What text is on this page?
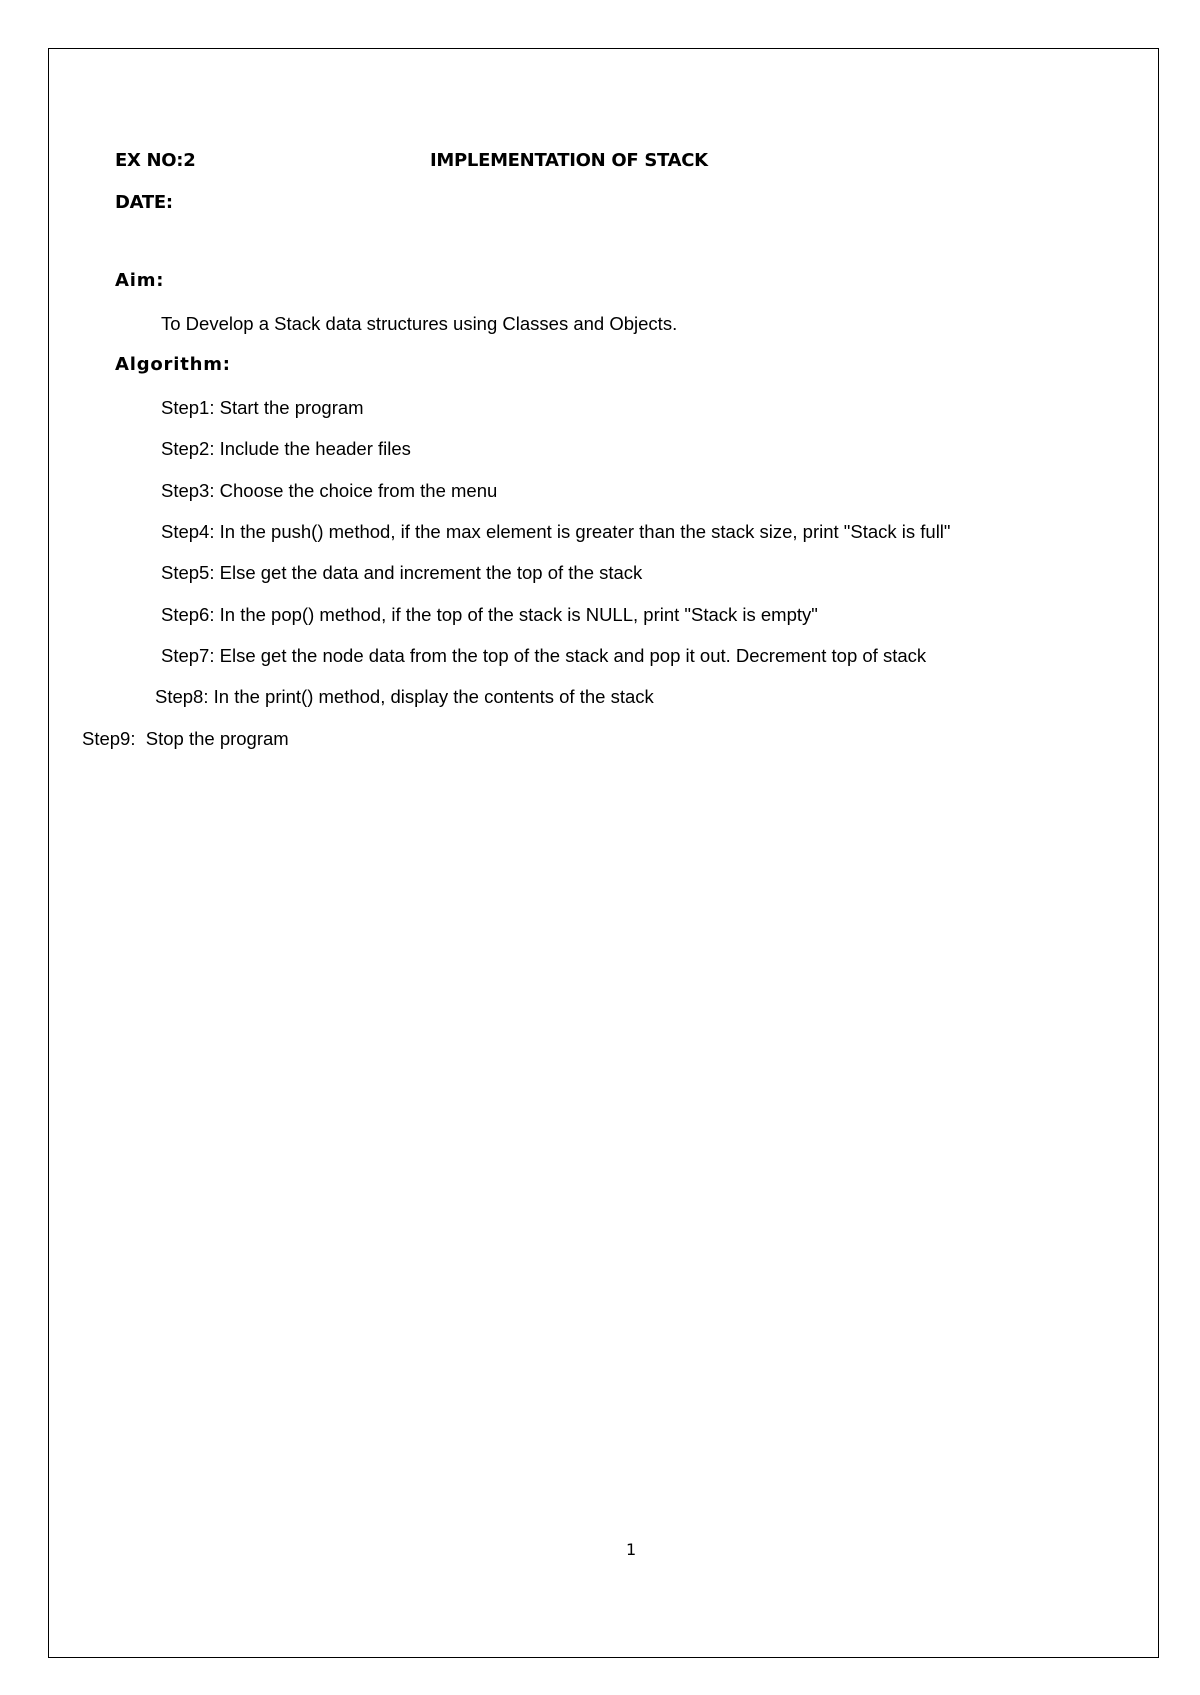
EX NO:2	IMPLEMENTATION OF STACK
DATE:
Aim:
To Develop a Stack data structures using Classes and Objects.
Algorithm:
Step1: Start the program
Step2: Include the header files
Step3: Choose the choice from the menu
Step4: In the push() method, if the max element is greater than the stack size, print "Stack is full"
Step5: Else get the data and increment the top of the stack
Step6: In the pop() method, if the top of the stack is NULL, print "Stack is empty"
Step7: Else get the node data from the top of the stack and pop it out. Decrement top of stack
Step8: In the print() method, display the contents of the stack
Step9:  Stop the program
1
